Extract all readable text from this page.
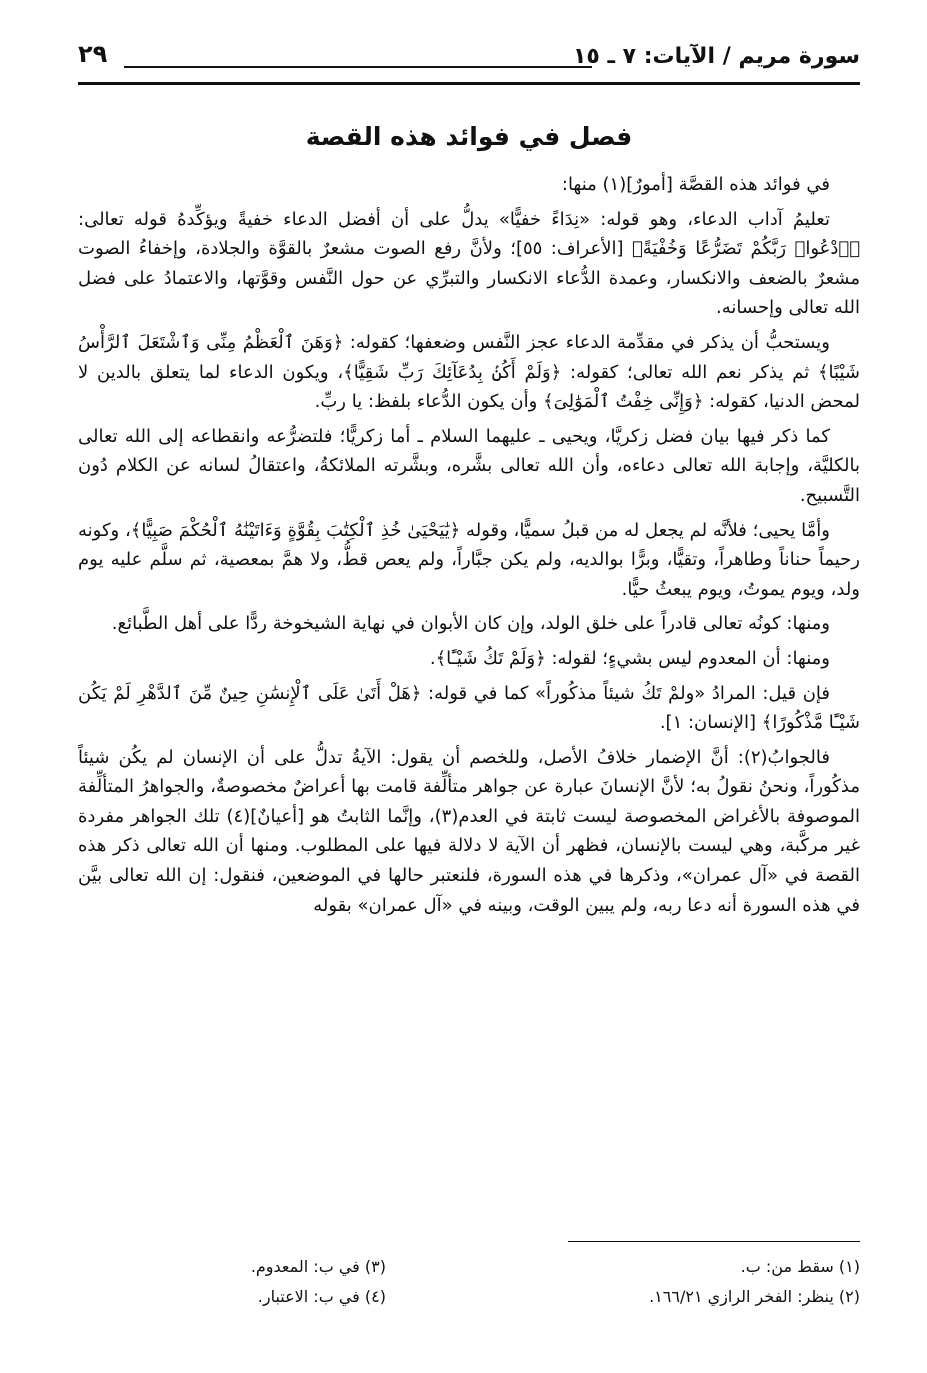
سورة مريم / الآيات: ٧ ـ ١٥
٢٩
فصل في فوائد هذه القصة

في فوائد هذه القصَّة [أمورٌ](١) منها:

تعليمُ آداب الدعاء، وهو قوله: «نِدَاءً خفيًّا» يدلُّ على أن أفضل الدعاء خفيةً ويؤكِّدهُ قوله تعالى: ﴿ٱدْعُوا۟ رَبَّكُمْ تَضَرُّعًا وَخُفْيَةً﴾ [الأعراف: ٥٥]؛ ولأنَّ رفع الصوت مشعرٌ بالقوَّة والجلادة، وإخفاءُ الصوت مشعرٌ بالضعف والانكسار، وعمدة الدُّعاء الانكسار والتبرِّي عن حول النَّفس وقوَّتها، والاعتمادُ على فضل الله تعالى وإحسانه.

ويستحبُّ أن يذكر في مقدِّمة الدعاء عجز النَّفس وضعفها؛ كقوله: ﴿وَهَنَ ٱلْعَظْمُ مِنِّى وَٱشْتَعَلَ ٱلرَّأْسُ شَيْبًا﴾ ثم يذكر نعم الله تعالى؛ كقوله: ﴿وَلَمْ أَكُنۢ بِدُعَآئِكَ رَبِّ شَقِيًّا﴾، ويكون الدعاء لما يتعلق بالدين لا لمحض الدنيا، كقوله: ﴿وَإِنِّى خِفْتُ ٱلْمَوَٰلِىَ﴾ وأن يكون الدُّعاء بلفظ: يا ربِّ.

كما ذكر فيها بيان فضل زكريَّا، ويحيى ـ عليهما السلام ـ أما زكريًّا؛ فلتضرُّعه وانقطاعه إلى الله تعالى بالكليَّة، وإجابة الله تعالى دعاءه، وأن الله تعالى بشَّره، وبشَّرته الملائكةُ، واعتقالُ لسانه عن الكلام دُون التَّسبيح.

وأمَّا يحيى؛ فلأنَّه لم يجعل له من قبلُ سميًّا، وقوله ﴿يَٰيَحْيَىٰ خُذِ ٱلْكِتَٰبَ بِقُوَّةٍ وَءَاتَيْنَٰهُ ٱلْحُكْمَ صَبِيًّا﴾، وكونه رحيماً حناناً وطاهراً، وتقيًّا، وبرًّا بوالديه، ولم يكن جبَّاراً، ولم يعص قطُّ، ولا همَّ بمعصية، ثم سلَّم عليه يوم ولد، ويوم يموتُ، ويوم يبعثُ حيًّا.

ومنها: كونُه تعالى قادراً على خلق الولد، وإن كان الأبوان في نهاية الشيخوخة ردًّا على أهل الطَّبائع.

ومنها: أن المعدوم ليس بشيءٍ؛ لقوله: ﴿وَلَمْ تَكُ شَيْـًٔا﴾.

فإن قيل: المرادُ «ولمْ تَكُ شيئاً مذكُوراً» كما في قوله: ﴿هَلْ أَتَىٰ عَلَى ٱلْإِنسَٰنِ حِينٌ مِّنَ ٱلدَّهْرِ لَمْ يَكُن شَيْـًٔا مَّذْكُورًا﴾ [الإنسان: ١].

فالجوابُ(٢): أنَّ الإضمار خلافُ الأصل، وللخصم أن يقول: الآيةُ تدلُّ على أن الإنسان لم يكُن شيئاً مذكُوراً، ونحنُ نقولُ به؛ لأنَّ الإنسانَ عبارة عن جواهر متألِّفة قامت بها أعراضٌ مخصوصةٌ، والجواهرُ المتألِّفة الموصوفة بالأغراض المخصوصة ليست ثابتة في العدم(٣)، وإنَّما الثابتُ هو [أعيانٌ](٤) تلك الجواهر مفردة غير مركَّبة، وهي ليست بالإنسان، فظهر أن الآية لا دلالة فيها على المطلوب. ومنها أن الله تعالى ذكر هذه القصة في «آل عمران»، وذكرها في هذه السورة، فلنعتبر حالها في الموضعين، فنقول: إن الله تعالى بيَّن في هذه السورة أنه دعا ربه، ولم يبين الوقت، وبينه في «آل عمران» بقوله

(١) سقط من: ب.
(٣) في ب: المعدوم.
(٢) ينظر: الفخر الرازي ١٦٦/٢١.
(٤) في ب: الاعتبار.
